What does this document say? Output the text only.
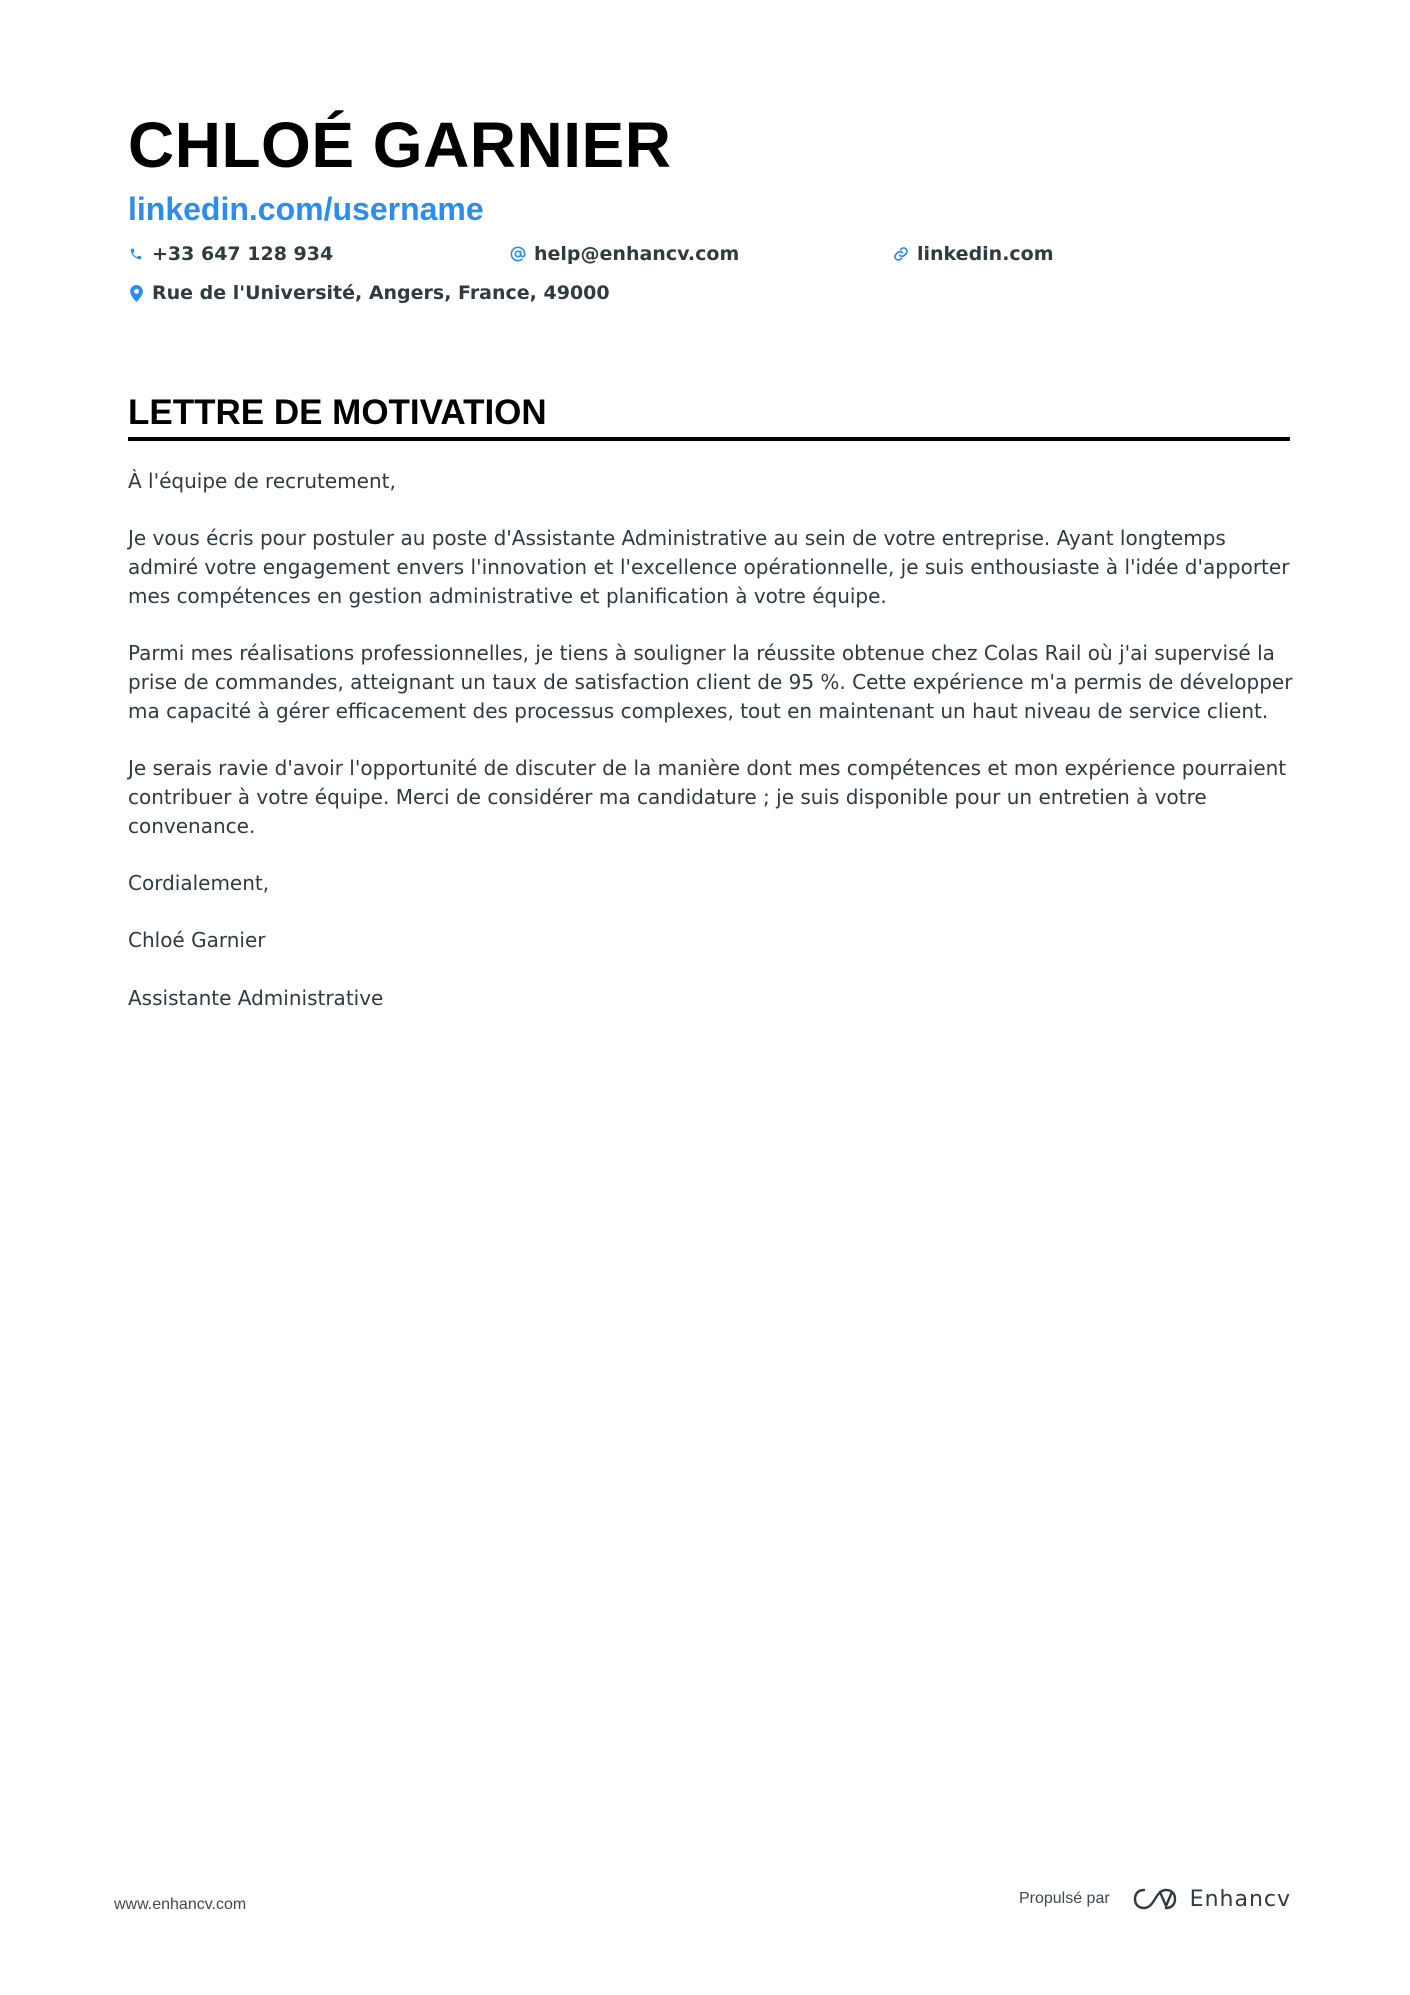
CHLOÉ GARNIER
linkedin.com/username
+33 647 128 934	help@enhancv.com	linkedin.com
Rue de l'Université, Angers, France, 49000
LETTRE DE MOTIVATION

À l'équipe de recrutement,

Je vous écris pour postuler au poste d'Assistante Administrative au sein de votre entreprise. Ayant longtemps admiré votre engagement envers l'innovation et l'excellence opérationnelle, je suis enthousiaste à l'idée d'apporter mes compétences en gestion administrative et planification à votre équipe.

Parmi mes réalisations professionnelles, je tiens à souligner la réussite obtenue chez Colas Rail où j'ai supervisé la prise de commandes, atteignant un taux de satisfaction client de 95 %. Cette expérience m'a permis de développer ma capacité à gérer efficacement des processus complexes, tout en maintenant un haut niveau de service client.

Je serais ravie d'avoir l'opportunité de discuter de la manière dont mes compétences et mon expérience pourraient contribuer à votre équipe. Merci de considérer ma candidature ; je suis disponible pour un entretien à votre convenance.

Cordialement,

Chloé Garnier

Assistante Administrative

www.enhancv.com	Propulsé par	Enhancv
